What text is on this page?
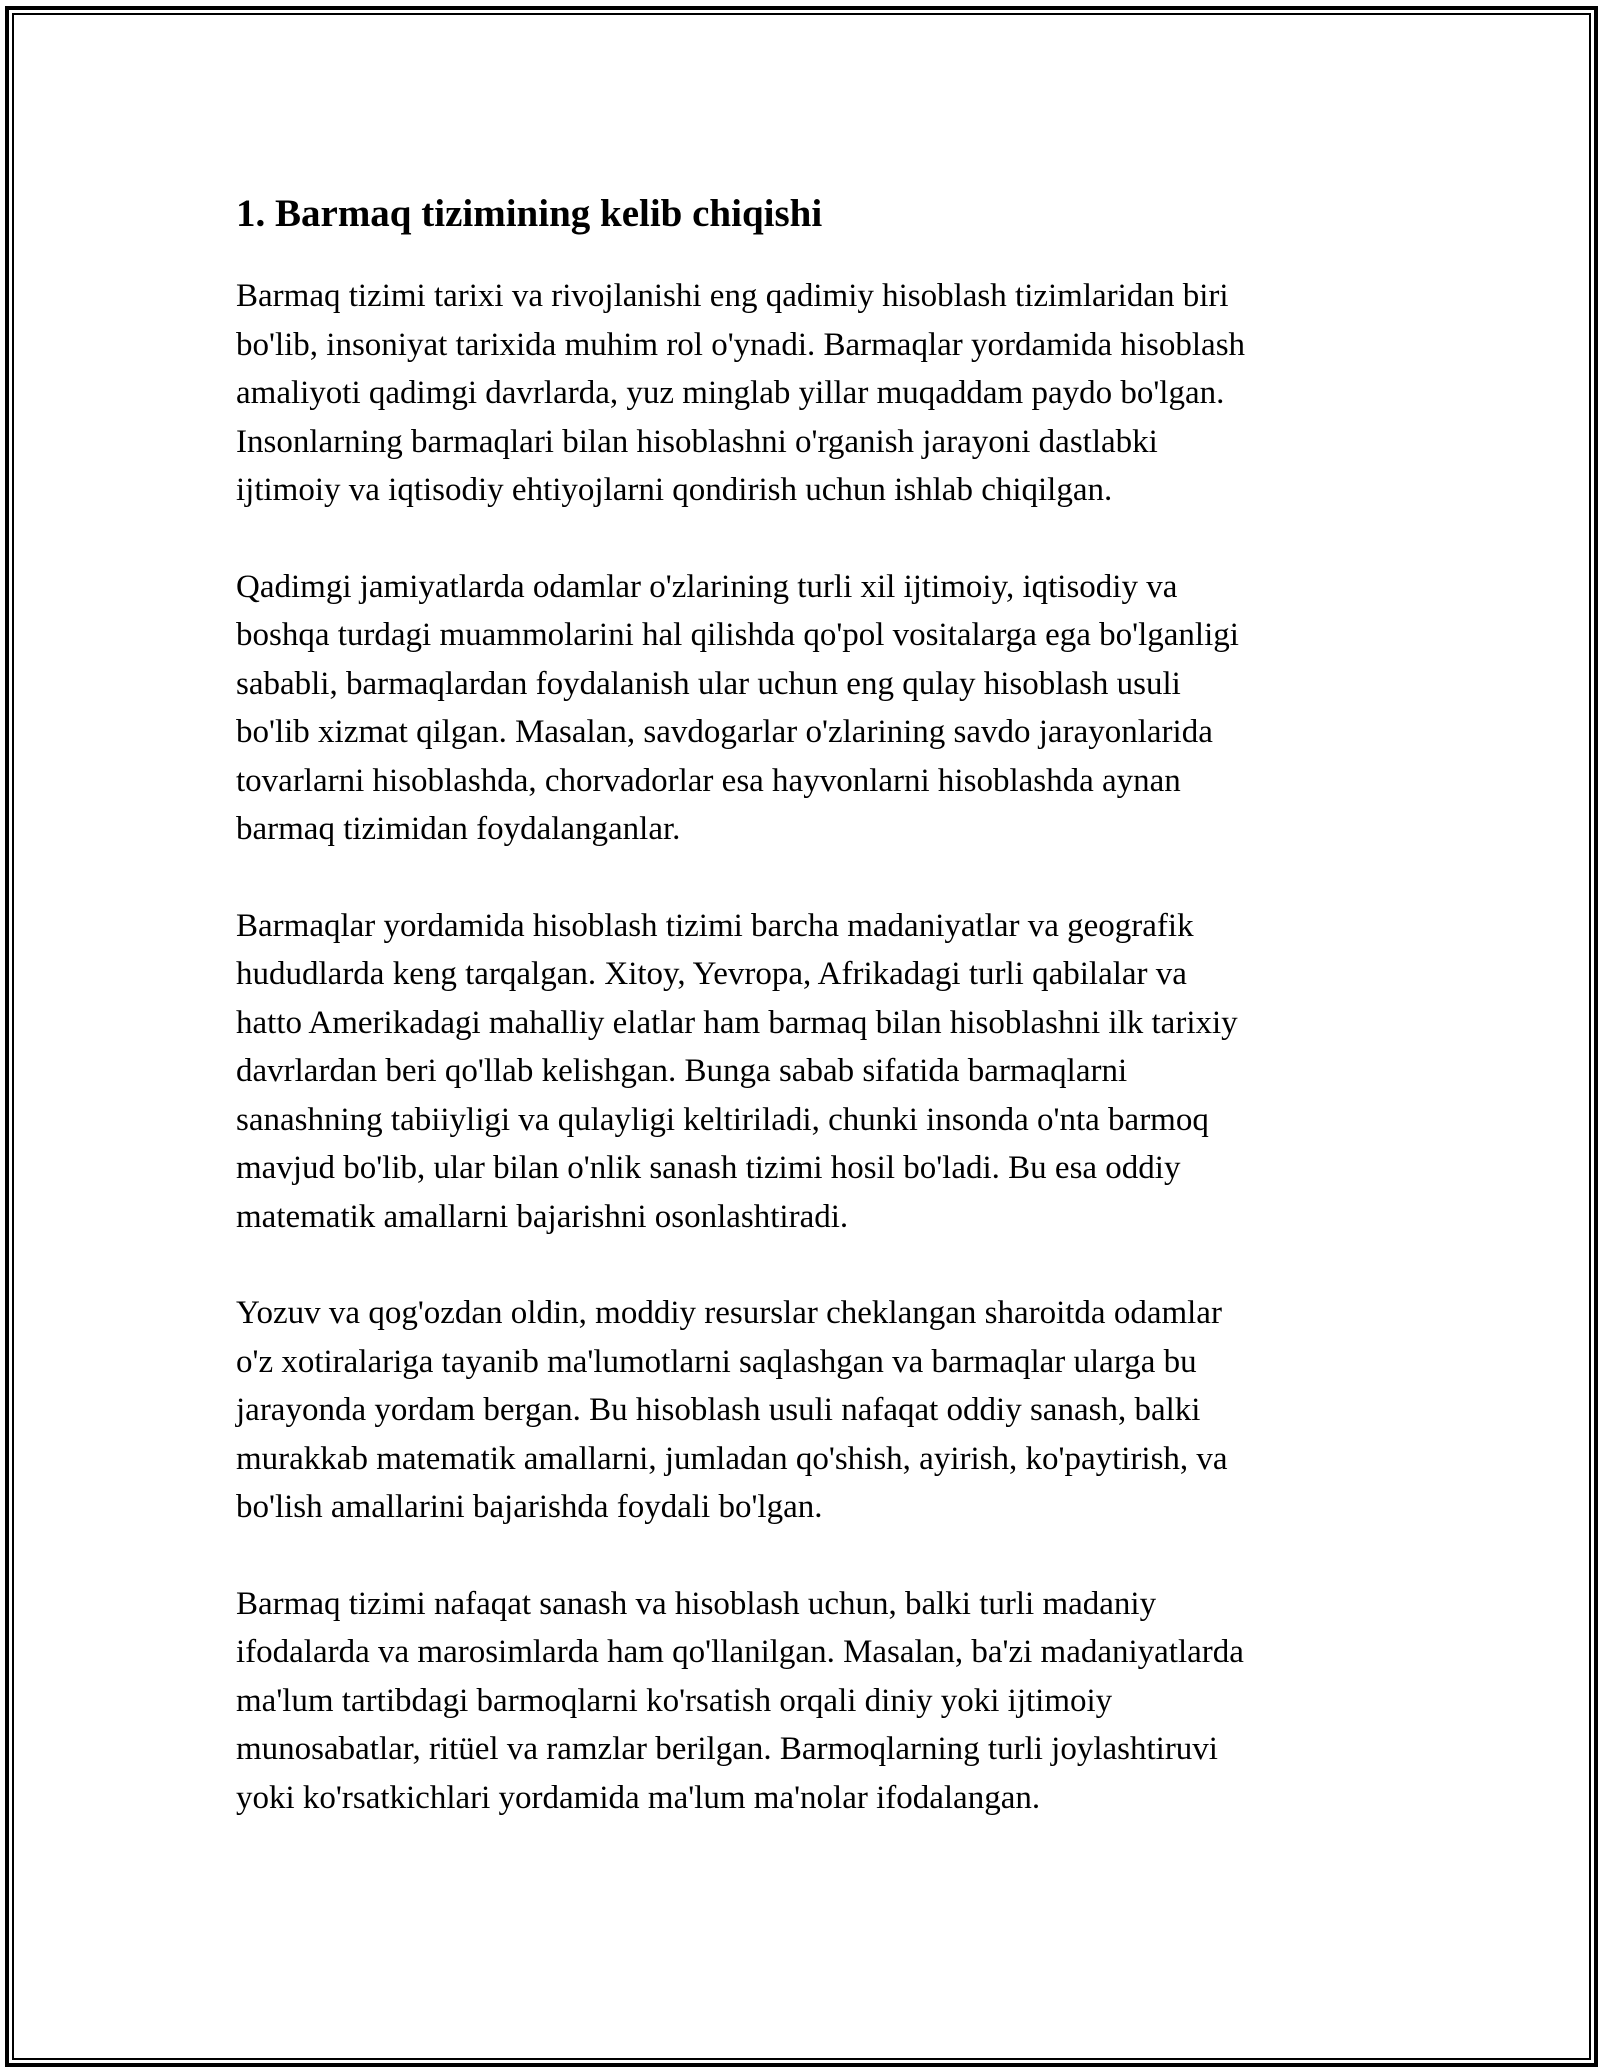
1. Barmaq tizimining kelib chiqishi

Barmaq tizimi tarixi va rivojlanishi eng qadimiy hisoblash tizimlaridan biri
bo'lib, insoniyat tarixida muhim rol o'ynadi. Barmaqlar yordamida hisoblash
amaliyoti qadimgi davrlarda, yuz minglab yillar muqaddam paydo bo'lgan.
Insonlarning barmaqlari bilan hisoblashni o'rganish jarayoni dastlabki
ijtimoiy va iqtisodiy ehtiyojlarni qondirish uchun ishlab chiqilgan.

Qadimgi jamiyatlarda odamlar o'zlarining turli xil ijtimoiy, iqtisodiy va
boshqa turdagi muammolarini hal qilishda qo'pol vositalarga ega bo'lganligi
sababli, barmaqlardan foydalanish ular uchun eng qulay hisoblash usuli
bo'lib xizmat qilgan. Masalan, savdogarlar o'zlarining savdo jarayonlarida
tovarlarni hisoblashda, chorvadorlar esa hayvonlarni hisoblashda aynan
barmaq tizimidan foydalanganlar.

Barmaqlar yordamida hisoblash tizimi barcha madaniyatlar va geografik
hududlarda keng tarqalgan. Xitoy, Yevropa, Afrikadagi turli qabilalar va
hatto Amerikadagi mahalliy elatlar ham barmaq bilan hisoblashni ilk tarixiy
davrlardan beri qo'llab kelishgan. Bunga sabab sifatida barmaqlarni
sanashning tabiiyligi va qulayligi keltiriladi, chunki insonda o'nta barmoq
mavjud bo'lib, ular bilan o'nlik sanash tizimi hosil bo'ladi. Bu esa oddiy
matematik amallarni bajarishni osonlashtiradi.

Yozuv va qog'ozdan oldin, moddiy resurslar cheklangan sharoitda odamlar
o'z xotiralariga tayanib ma'lumotlarni saqlashgan va barmaqlar ularga bu
jarayonda yordam bergan. Bu hisoblash usuli nafaqat oddiy sanash, balki
murakkab matematik amallarni, jumladan qo'shish, ayirish, ko'paytirish, va
bo'lish amallarini bajarishda foydali bo'lgan.

Barmaq tizimi nafaqat sanash va hisoblash uchun, balki turli madaniy
ifodalarda va marosimlarda ham qo'llanilgan. Masalan, ba'zi madaniyatlarda
ma'lum tartibdagi barmoqlarni ko'rsatish orqali diniy yoki ijtimoiy
munosabatlar, ritüel va ramzlar berilgan. Barmoqlarning turli joylashtiruvi
yoki ko'rsatkichlari yordamida ma'lum ma'nolar ifodalangan.
